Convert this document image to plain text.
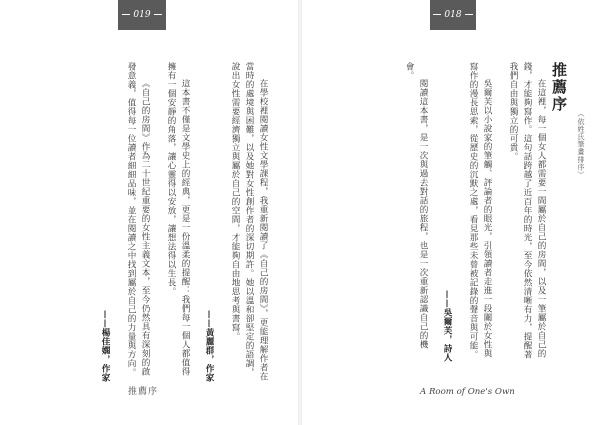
019

在學校裡閱讀女性文學課程，我重新閱讀了《自己的房間》，更能理解作者在當時的處境與困難，以及她對女性創作者的深切期許。她以溫和卻堅定的語調，說出女性需要經濟獨立與屬於自己的空間，才能夠自由地思考與書寫。

——黃麗群，作家

這本書不僅是文學史上的經典，更是一份溫柔的提醒：我們每一個人都值得擁有一個安靜的角落，讓心靈得以安放，讓想法得以生長。

《自己的房間》作為二十世紀重要的女性主義文本，至今仍然具有深刻的啟發意義，值得每一位讀者細細品味，並在閱讀之中找到屬於自己的力量與方向。

——楊佳嫻，作家

推薦序
018
推薦序
（依姓氏筆畫排序）

在這裡，每一個女人都需要一間屬於自己的房間，以及一筆屬於自己的錢，才能夠寫作。這句話跨越了近百年的時光，至今依然清晰有力，提醒著我們自由與獨立的可貴。

吳爾芙以小說家的筆觸、評論者的眼光，引領讀者走進一段關於女性與寫作的漫長思索，從歷史的沉默之處，看見那些未曾被記錄的聲音與可能。

——吳爾芙，詩人

閱讀這本書，是一次與過去對話的旅程，也是一次重新認識自己的機會。

A Room of One's Own
